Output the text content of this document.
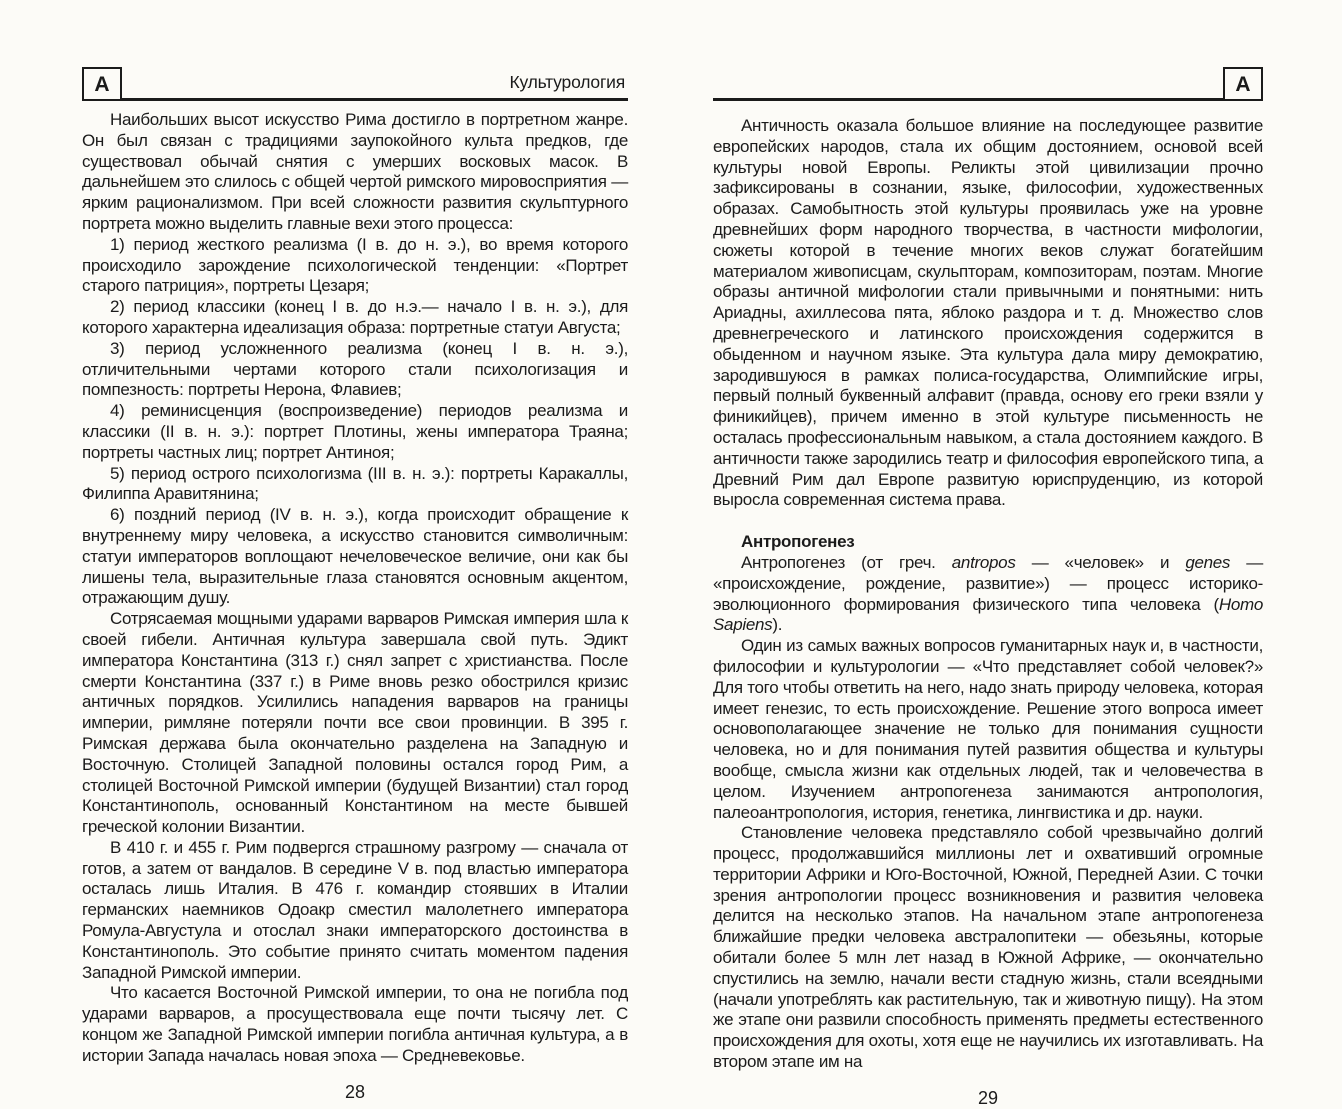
А	Культурология

Наибольших высот искусство Рима достигло в портретном жанре. Он был связан с традициями заупокойного культа предков, где существовал обычай снятия с умерших восковых масок. В дальнейшем это слилось с общей чертой римского мировосприятия — ярким рационализмом. При всей сложности развития скульптурного портрета можно выделить главные вехи этого процесса:

1) период жесткого реализма (I в. до н. э.), во время которого происходило зарождение психологической тенденции: «Портрет старого патриция», портреты Цезаря;

2) период классики (конец I в. до н.э.— начало I в. н. э.), для которого характерна идеализация образа: портретные статуи Августа;

3) период усложненного реализма (конец I в. н. э.), отличительными чертами которого стали психологизация и помпезность: портреты Нерона, Флавиев;

4) реминисценция (воспроизведение) периодов реализма и классики (II в. н. э.): портрет Плотины, жены императора Траяна; портреты частных лиц; портрет Антиноя;

5) период острого психологизма (III в. н. э.): портреты Каракаллы, Филиппа Аравитянина;

6) поздний период (IV в. н. э.), когда происходит обращение к внутреннему миру человека, а искусство становится символичным: статуи императоров воплощают нечеловеческое величие, они как бы лишены тела, выразительные глаза становятся основным акцентом, отражающим душу.

Сотрясаемая мощными ударами варваров Римская империя шла к своей гибели. Античная культура завершала свой путь. Эдикт императора Константина (313 г.) снял запрет с христианства. После смерти Константина (337 г.) в Риме вновь резко обострился кризис античных порядков. Усилились нападения варваров на границы империи, римляне потеряли почти все свои провинции. В 395 г. Римская держава была окончательно разделена на Западную и Восточную. Столицей Западной половины остался город Рим, а столицей Восточной Римской империи (будущей Византии) стал город Константинополь, основанный Константином на месте бывшей греческой колонии Византии.

В 410 г. и 455 г. Рим подвергся страшному разгрому — сначала от готов, а затем от вандалов. В середине V в. под властью императора осталась лишь Италия. В 476 г. командир стоявших в Италии германских наемников Одоакр сместил малолетнего императора Ромула-Августула и отослал знаки императорского достоинства в Константинополь. Это событие принято считать моментом падения Западной Римской империи.

Что касается Восточной Римской империи, то она не погибла под ударами варваров, а просуществовала еще почти тысячу лет. С концом же Западной Римской империи погибла античная культура, а в истории Запада началась новая эпоха — Средневековье.

28
А

Античность оказала большое влияние на последующее развитие европейских народов, стала их общим достоянием, основой всей культуры новой Европы. Реликты этой цивилизации прочно зафиксированы в сознании, языке, философии, художественных образах. Самобытность этой культуры проявилась уже на уровне древнейших форм народного творчества, в частности мифологии, сюжеты которой в течение многих веков служат богатейшим материалом живописцам, скульпторам, композиторам, поэтам. Многие образы античной мифологии стали привычными и понятными: нить Ариадны, ахиллесова пята, яблоко раздора и т. д. Множество слов древнегреческого и латинского происхождения содержится в обыденном и научном языке. Эта культура дала миру демократию, зародившуюся в рамках полиса-государства, Олимпийские игры, первый полный буквенный алфавит (правда, основу его греки взяли у финикийцев), причем именно в этой культуре письменность не осталась профессиональным навыком, а стала достоянием каждого. В античности также зародились театр и философия европейского типа, а Древний Рим дал Европе развитую юриспруденцию, из которой выросла современная система права.

Антропогенез

Антропогенез (от греч. antropos — «человек» и genes — «происхождение, рождение, развитие») — процесс историко-эволюционного формирования физического типа человека (Homo Sapiens).

Один из самых важных вопросов гуманитарных наук и, в частности, философии и культурологии — «Что представляет собой человек?» Для того чтобы ответить на него, надо знать природу человека, которая имеет генезис, то есть происхождение. Решение этого вопроса имеет основополагающее значение не только для понимания сущности человека, но и для понимания путей развития общества и культуры вообще, смысла жизни как отдельных людей, так и человечества в целом. Изучением антропогенеза занимаются антропология, палеоантропология, история, генетика, лингвистика и др. науки.

Становление человека представляло собой чрезвычайно долгий процесс, продолжавшийся миллионы лет и охвативший огромные территории Африки и Юго-Восточной, Южной, Передней Азии. С точки зрения антропологии процесс возникновения и развития человека делится на несколько этапов. На начальном этапе антропогенеза ближайшие предки человека австралопитеки — обезьяны, которые обитали более 5 млн лет назад в Южной Африке, — окончательно спустились на землю, начали вести стадную жизнь, стали всеядными (начали употреблять как растительную, так и животную пищу). На этом же этапе они развили способность применять предметы естественного происхождения для охоты, хотя еще не научились их изготавливать. На втором этапе им на

29
